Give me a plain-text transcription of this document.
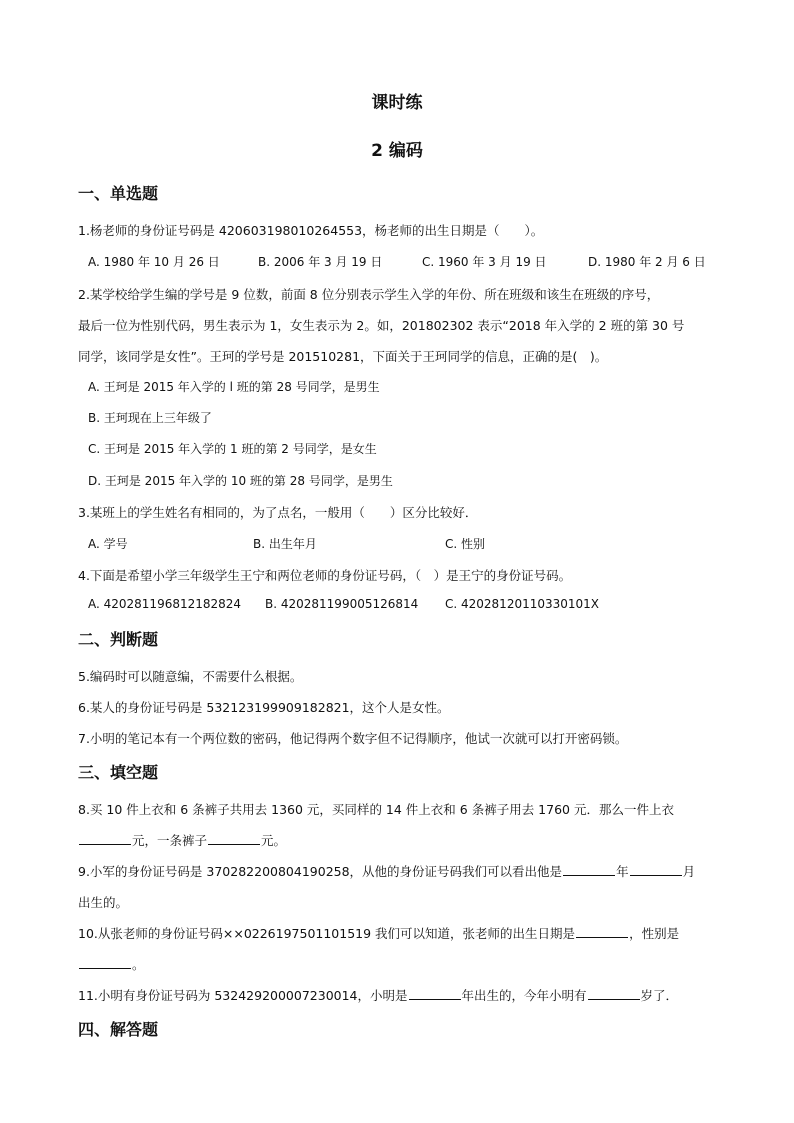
课时练
2 编码
一、单选题
1.杨老师的身份证号码是 420603198010264553，杨老师的出生日期是（　　）。
A. 1980 年 10 月 26 日	B. 2006 年 3 月 19 日	C. 1960 年 3 月 19 日	D. 1980 年 2 月 6 日
2.某学校给学生编的学号是 9 位数，前面 8 位分别表示学生入学的年份、所在班级和该生在班级的序号，
最后一位为性别代码，男生表示为 1，女生表示为 2。如，201802302 表示“2018 年入学的 2 班的第 30 号
同学，该同学是女性”。王珂的学号是 201510281，下面关于王珂同学的信息，正确的是(　)。
A. 王珂是 2015 年入学的 l 班的第 28 号同学，是男生
B. 王珂现在上三年级了
C. 王珂是 2015 年入学的 1 班的第 2 号同学，是女生
D. 王珂是 2015 年入学的 10 班的第 28 号同学，是男生
3.某班上的学生姓名有相同的，为了点名，一般用（　　）区分比较好．
A. 学号	B. 出生年月	C. 性别
4.下面是希望小学三年级学生王宁和两位老师的身份证号码，（　）是王宁的身份证号码。
A. 420281196812182824 B. 420281199005126814 C. 42028120110330101X
二、判断题
5.编码时可以随意编，不需要什么根据。
6.某人的身份证号码是 532123199909182821，这个人是女性。
7.小明的笔记本有一个两位数的密码，他记得两个数字但不记得顺序，他试一次就可以打开密码锁。
三、填空题
8.买 10 件上衣和 6 条裤子共用去 1360 元，买同样的 14 件上衣和 6 条裤子用去 1760 元．那么一件上衣
元，一条裤子	元。
9.小军的身份证号码是 370282200804190258，从他的身份证号码我们可以看出他是	年	月
出生的。
10.从张老师的身份证号码××0226197501101519 我们可以知道，张老师的出生日期是	，性别是
。
11.小明有身份证号码为 532429200007230014，小明是	年出生的，今年小明有	岁了．
四、解答题
